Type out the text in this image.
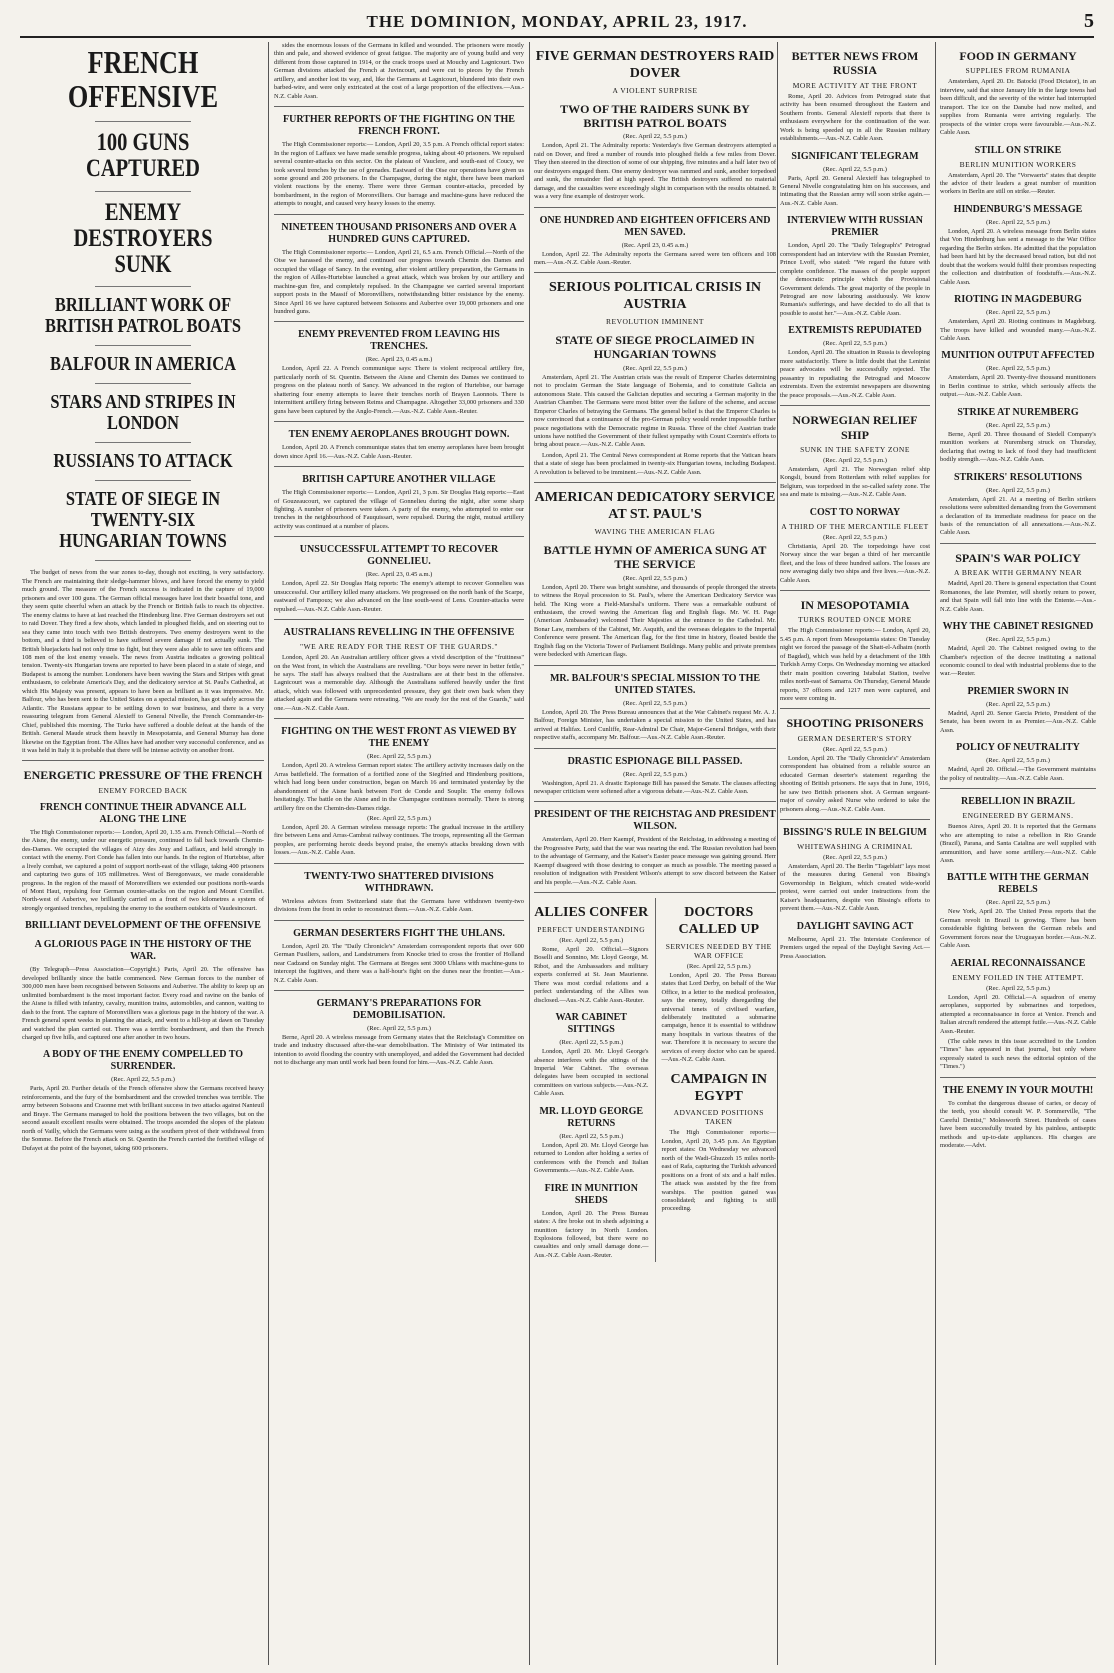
THE DOMINION, MONDAY, APRIL 23, 1917.	5
FRENCH OFFENSIVE
100 GUNS CAPTURED
ENEMY DESTROYERS SUNK
BRILLIANT WORK OF BRITISH PATROL BOATS
BALFOUR IN AMERICA
STARS AND STRIPES IN LONDON
RUSSIANS TO ATTACK
STATE OF SIEGE IN TWENTY-SIX HUNGARIAN TOWNS

The budget of news from the war zones to-day, though not exciting, is very satisfactory. The French are maintaining their sledge-hammer blows, and have forced the enemy to yield much ground. The measure of the French success is indicated in the capture of 19,000 prisoners and over 100 guns. The German official messages have lost their boastful tone, and they seem quite cheerful when an attack by the French or British fails to reach its objective. The enemy claims to have at last reached the Hindenburg line. Five German destroyers set out to raid Dover. They fired a few shots, which landed in ploughed fields, and on steering out to sea they came into touch with two British destroyers. Two enemy destroyers went to the bottom, and a third is believed to have suffered severe damage if not actually sunk. The British bluejackets had not only time to fight, but they were also able to save ten officers and 108 men of the lost enemy vessels. The news from Austria indicates a growing political tension. Twenty-six Hungarian towns are reported to have been placed in a state of siege, and Budapest is among the number. Londoners have been waving the Stars and Stripes with great enthusiasm, to celebrate America's Day, and the dedicatory service at St. Paul's Cathedral, at which His Majesty was present, appears to have been as brilliant as it was impressive. Mr. Balfour, who has been sent to the United States on a special mission, has got safely across the Atlantic. The Russians appear to be settling down to war business, and there is a very reassuring telegram from General Alexieff to General Nivelle, the French Commander-in-Chief, published this morning. The Turks have suffered a double defeat at the hands of the British. General Maude struck them heavily in Mesopotamia, and General Murray has done likewise on the Egyptian front. The Allies have had another very successful conference, and as it was held in Italy it is probable that there will be intense activity on another front.

ENERGETIC PRESSURE OF THE FRENCH
ENEMY FORCED BACK
FRENCH CONTINUE THEIR ADVANCE ALL ALONG THE LINE

The High Commissioner reports:— London, April 20, 1.35 a.m. French Official.—North of the Aisne, the enemy, under our energetic pressure, continued to fall back towards Chemin-des-Dames. We occupied the villages of Aizy des Jouy and Laffaux, and held strongly in contact with the enemy. Fort Conde has fallen into our hands. In the region of Hurtebise, after a lively combat, we captured a point of support north-east of the village, taking 400 prisoners and capturing two guns of 105 millimetres. West of Beregonvaux, we made considerable progress. In the region of the massif of Moronvilliers we extended our positions north-wards of Mont Haut, repulsing four German counter-attacks on the region and Mount Cornillet. North-west of Auberive, we brilliantly carried on a front of two kilometres a system of strongly organised trenches, repulsing the enemy to the southern outskirts of Vaudesincourt.

BRILLIANT DEVELOPMENT OF THE OFFENSIVE
A GLORIOUS PAGE IN THE HISTORY OF THE WAR.

(By Telegraph—Press Association—Copyright.) Paris, April 20. The offensive has developed brilliantly since the battle commenced. New German forces to the number of 300,000 men have been recognised between Soissons and Auberive. The ability to keep up an unlimited bombardment is the most important factor. Every road and ravine on the banks of the Aisne is filled with infantry, cavalry, munition trains, automobiles, and cannon, waiting to dash to the front. The capture of Moronvilliers was a glorious page in the history of the war. A French general spent weeks in planning the attack, and went to a hill-top at dawn on Tuesday and watched the plan carried out. There was a terrific bombardment, and then the French charged up five hills, and captured one after another in two hours.

A BODY OF THE ENEMY COMPELLED TO SURRENDER.
(Rec. April 22, 5.5 p.m.)

Paris, April 20. Further details of the French offensive show the Germans received heavy reinforcements, and the fury of the bombardment and the crowded trenches was terrible. The army between Soissons and Craonne met with brilliant success in two attacks against Nanteuil and Braye. The Germans managed to hold the positions between the two villages, but on the second assault excellent results were obtained. The troops ascended the slopes of the plateau north of Vailly, which the Germans were using as the southern pivot of their withdrawal from the Somme. Before the French attack on St. Quentin the French carried the fortified village of Dufayet at the point of the bayonet, taking 600 prisoners.

sides the enormous losses of the Germans in killed and wounded. The prisoners were mostly thin and pale, and showed evidence of great fatigue. The majority are of young build and very different from those captured in 1914, or the crack troops used at Mouchy and Lagnicourt. Two German divisions attacked the French at Juvincourt, and were cut to pieces by the French artillery, and another lost its way, and, like the Germans at Lagnicourt, blundered into their own barbed-wire, and were only extricated at the cost of a large proportion of the effectives.—Aus.-N.Z. Cable Assn.

FURTHER REPORTS OF THE FIGHTING ON THE FRENCH FRONT.

The High Commissioner reports:— London, April 20, 3.5 p.m. A French official report states: In the region of Laffaux we have made sensible progress, taking about 40 prisoners. We repulsed several counter-attacks on this sector. On the plateau of Vauclere, and south-east of Coucy, we took several trenches by the use of grenades. Eastward of the Oise our operations have given us some ground and 200 prisoners. In the Champagne, during the night, there have been marked violent reactions by the enemy. There were three German counter-attacks, preceded by bombardment, in the region of Moronvilliers. Our barrage and machine-guns have reduced the attempts to nought, and caused very heavy losses to the enemy.

NINETEEN THOUSAND PRISONERS AND OVER A HUNDRED GUNS CAPTURED.

The High Commissioner reports:— London, April 21, 6.5 a.m. French Official.—North of the Oise we harassed the enemy, and continued our progress towards Chemin des Dames and occupied the village of Sancy. In the evening, after violent artillery preparation, the Germans in the region of Ailles-Hurtebise launched a great attack, which was broken by our artillery and machine-gun fire, and completely repulsed. In the Champagne we carried several important support posts in the Massif of Moronvilliers, notwithstanding bitter resistance by the enemy. Since April 16 we have captured between Soissons and Auberive over 19,000 prisoners and one hundred guns.

ENEMY PREVENTED FROM LEAVING HIS TRENCHES.
(Rec. April 23, 0.45 a.m.)

London, April 22. A French communique says: There is violent reciprocal artillery fire, particularly north of St. Quentin. Between the Aisne and Chemin des Dames we continued to progress on the plateau north of Sancy. We advanced in the region of Hurtebise, our barrage shattering four enemy attempts to leave their trenches north of Brayen Laonnois. There is intermittent artillery firing between Reims and Champagne. Altogether 33,000 prisoners and 330 guns have been captured by the Anglo-French.—Aus.-N.Z. Cable Assn.-Reuter.

TEN ENEMY AEROPLANES BROUGHT DOWN.

London, April 20. A French communique states that ten enemy aeroplanes have been brought down since April 16.—Aus.-N.Z. Cable Assn.-Reuter.

BRITISH CAPTURE ANOTHER VILLAGE

The High Commissioner reports:— London, April 21, 3 p.m. Sir Douglas Haig reports:—East of Gouzeaucourt, we captured the village of Gonnelieu during the night, after some sharp fighting. A number of prisoners were taken. A party of the enemy, who attempted to enter our trenches in the neighbourhood of Fauquissart, were repulsed. During the night, mutual artillery activity was continued at a number of places.

UNSUCCESSFUL ATTEMPT TO RECOVER GONNELIEU.
(Rec. April 23, 0.45 a.m.)

London, April 22. Sir Douglas Haig reports: The enemy's attempt to recover Gonnelieu was unsuccessful. Our artillery killed many attackers. We progressed on the north bank of the Scarpe, eastward of Fampoux; we also advanced on the line south-west of Lens. Counter-attacks were repulsed.—Aus.-N.Z. Cable Assn.-Reuter.

AUSTRALIANS REVELLING IN THE OFFENSIVE
"WE ARE READY FOR THE REST OF THE GUARDS."

London, April 20. An Australian artillery officer gives a vivid description of the "fruitiness" on the West front, in which the Australians are revelling. "Our boys were never in better fettle," he says. The staff has always realised that the Australians are at their best in the offensive. Lagnicourt was a memorable day. Although the Australians suffered heavily under the first attack, which was followed with unprecedented pressure, they got their own back when they attacked again and the Germans were retreating. "We are ready for the rest of the Guards," said one.—Aus.-N.Z. Cable Assn.

FIGHTING ON THE WEST FRONT AS VIEWED BY THE ENEMY
(Rec. April 22, 5.5 p.m.)

London, April 20. A wireless German report states: The artillery activity increases daily on the Arras battlefield. The formation of a fortified zone of the Siegfried and Hindenburg positions, which had long been under construction, began on March 16 and terminated yesterday by the abandonment of the Aisne bank between Fort de Conde and Souplir. The enemy follows hesitatingly. The battle on the Aisne and in the Champagne continues normally. There is strong artillery fire on the Chemin-des-Dames ridge.

(Rec. April 22, 5.5 p.m.)

London, April 20. A German wireless message reports: The gradual increase in the artillery fire between Lens and Arras-Cambrai railway continues. The troops, representing all the German peoples, are performing heroic deeds beyond praise, the enemy's attacks breaking down with losses.—Aus.-N.Z. Cable Assn.

TWENTY-TWO SHATTERED DIVISIONS WITHDRAWN.

Wireless advices from Switzerland state that the Germans have withdrawn twenty-two divisions from the front in order to reconstruct them.—Aus.-N.Z. Cable Assn.

GERMAN DESERTERS FIGHT THE UHLANS.

London, April 20. The "Daily Chronicle's" Amsterdam correspondent reports that over 600 German Fusiliers, sailors, and Landstrumers from Knocke tried to cross the frontier of Holland near Cadzand on Sunday night. The Germans at Breges sent 3000 Uhlans with machine-guns to intercept the fugitives, and there was a half-hour's fight on the dunes near the frontier.—Aus.-N.Z. Cable Assn.

GERMANY'S PREPARATIONS FOR DEMOBILISATION.
(Rec. April 22, 5.5 p.m.)

Berne, April 20. A wireless message from Germany states that the Reichstag's Committee on trade and industry discussed after-the-war demobilisation. The Ministry of War intimated its intention to avoid flooding the country with unemployed, and added the Government had decided not to discharge any man until work had been found for him.—Aus.-N.Z. Cable Assn.

FIVE GERMAN DESTROYERS RAID DOVER
A VIOLENT SURPRISE
TWO OF THE RAIDERS SUNK BY BRITISH PATROL BOATS
(Rec. April 22, 5.5 p.m.)

London, April 21. The Admiralty reports: Yesterday's five German destroyers attempted a raid on Dover, and fired a number of rounds into ploughed fields a few miles from Dover. They then steered in the direction of some of our shipping, five minutes and a half later two of our destroyers engaged them. One enemy destroyer was rammed and sunk, another torpedoed and sunk, the remainder fled at high speed. The British destroyers suffered no material damage, and the casualties were exceedingly slight in comparison with the results obtained. It was a very fine example of destroyer work.

ONE HUNDRED AND EIGHTEEN OFFICERS AND MEN SAVED.
(Rec. April 23, 0.45 a.m.)

London, April 22. The Admiralty reports the Germans saved were ten officers and 108 men.—Aus.-N.Z. Cable Assn.-Reuter.

SERIOUS POLITICAL CRISIS IN AUSTRIA
REVOLUTION IMMINENT
STATE OF SIEGE PROCLAIMED IN HUNGARIAN TOWNS
(Rec. April 22, 5.5 p.m.)

Amsterdam, April 21. The Austrian crisis was the result of Emperor Charles determining not to proclaim German the State language of Bohemia, and to constitute Galicia an autonomous State. This caused the Galician deputies and securing a German majority in the Austrian Chamber. The Germans were most bitter over the failure of the scheme, and accuse Emperor Charles of betraying the Germans. The general belief is that the Emperor Charles is now convinced that a continuance of the pro-German policy would render impossible further peace negotiations with the Democratic regime in Russia. Three of the chief Austrian trade unions have notified the Government of their fullest sympathy with Count Czernin's efforts to bring about peace.—Aus.-N.Z. Cable Assn.

London, April 21. The Central News correspondent at Rome reports that the Vatican hears that a state of siege has been proclaimed in twenty-six Hungarian towns, including Budapest. A revolution is believed to be imminent.—Aus.-N.Z. Cable Assn.

AMERICAN DEDICATORY SERVICE AT ST. PAUL'S
WAVING THE AMERICAN FLAG
BATTLE HYMN OF AMERICA SUNG AT THE SERVICE
(Rec. April 22, 5.5 p.m.)

London, April 20. There was bright sunshine, and thousands of people thronged the streets to witness the Royal procession to St. Paul's, where the American Dedicatory Service was held. The King wore a Field-Marshal's uniform. There was a remarkable outburst of enthusiasm, the crowd waving the American flag and English flags. Mr. W. H. Page (American Ambassador) welcomed Their Majesties at the entrance to the Cathedral. Mr. Bonar Law, members of the Cabinet, Mr. Asquith, and the overseas delegates to the Imperial Conference were present. The American flag, for the first time in history, floated beside the English flag on the Victoria Tower of Parliament Buildings. Many public and private premises were bedecked with American flags.

MR. BALFOUR'S SPECIAL MISSION TO THE UNITED STATES.
(Rec. April 22, 5.5 p.m.)

London, April 20. The Press Bureau announces that at the War Cabinet's request Mr. A. J. Balfour, Foreign Minister, has undertaken a special mission to the United States, and has arrived at Halifax. Lord Cunliffe, Rear-Admiral De Chair, Major-General Bridges, with their respective staffs, accompany Mr. Balfour.—Aus.-N.Z. Cable Assn.-Reuter.

DRASTIC ESPIONAGE BILL PASSED.
(Rec. April 22, 5.5 p.m.)

Washington, April 21. A drastic Espionage Bill has passed the Senate. The clauses affecting newspaper criticism were softened after a vigorous debate.—Aus.-N.Z. Cable Assn.

PRESIDENT OF THE REICHSTAG AND PRESIDENT WILSON.

Amsterdam, April 20. Herr Kaempf, President of the Reichstag, in addressing a meeting of the Progressive Party, said that the war was nearing the end. The Russian revolution had been to the advantage of Germany, and the Kaiser's Easter peace message was gaining ground. Herr Kaempf disagreed with those desiring to conquer as much as possible. The meeting passed a resolution of indignation with President Wilson's attempt to sow discord between the Kaiser and his people.—Aus.-N.Z. Cable Assn.

ALLIES CONFER
PERFECT UNDERSTANDING
(Rec. April 22, 5.5 p.m.)

Rome, April 20. Official.—Signors Boselli and Sonnino, Mr. Lloyd George, M. Ribot, and the Ambassadors and military experts conferred at St. Jean Maurienne. There was most cordial relations and a perfect understanding of the Allies was disclosed.—Aus.-N.Z. Cable Assn.-Reuter.

WAR CABINET SITTINGS
(Rec. April 22, 5.5 p.m.)

London, April 20. Mr. Lloyd George's absence interferes with the sittings of the Imperial War Cabinet. The overseas delegates have been occupied in sectional committees on various subjects.—Aus.-N.Z. Cable Assn.

MR. LLOYD GEORGE RETURNS
(Rec. April 22, 5.5 p.m.)

London, April 20. Mr. Lloyd George has returned to London after holding a series of conferences with the French and Italian Governments.—Aus.-N.Z. Cable Assn.

FIRE IN MUNITION SHEDS

London, April 20. The Press Bureau states: A fire broke out in sheds adjoining a munition factory in North London. Explosions followed, but there were no casualties and only small damage done.—Aus.-N.Z. Cable Assn.-Reuter.

DOCTORS CALLED UP
SERVICES NEEDED BY THE WAR OFFICE
(Rec. April 22, 5.5 p.m.)

London, April 20. The Press Bureau states that Lord Derby, on behalf of the War Office, in a letter to the medical profession, says the enemy, totally disregarding the universal tenets of civilised warfare, deliberately instituted a submarine campaign, hence it is essential to withdraw many hospitals in various theatres of the war. Therefore it is necessary to secure the services of every doctor who can be spared.—Aus.-N.Z. Cable Assn.

CAMPAIGN IN EGYPT
ADVANCED POSITIONS TAKEN

The High Commissioner reports:— London, April 20, 3.45 p.m. An Egyptian report states: On Wednesday we advanced north of the Wadi-Ghuzzeh 15 miles north-east of Rafa, capturing the Turkish advanced positions on a front of six and a half miles. The attack was assisted by the fire from warships. The position gained was consolidated; and fighting is still proceeding.

BETTER NEWS FROM RUSSIA
MORE ACTIVITY AT THE FRONT

Rome, April 20. Advices from Petrograd state that activity has been resumed throughout the Eastern and Southern fronts. General Alexieff reports that there is enthusiasm everywhere for the continuation of the war. Work is being speeded up in all the Russian military establishments.—Aus.-N.Z. Cable Assn.

SIGNIFICANT TELEGRAM
(Rec. April 22, 5.5 p.m.)

Paris, April 20. General Alexieff has telegraphed to General Nivelle congratulating him on his successes, and intimating that the Russian army will soon strike again.—Aus.-N.Z. Cable Assn.

INTERVIEW WITH RUSSIAN PREMIER

London, April 20. The "Daily Telegraph's" Petrograd correspondent had an interview with the Russian Premier, Prince Lvoff, who stated: "We regard the future with complete confidence. The masses of the people support the democratic principle which the Provisional Government defends. The great majority of the people in Petrograd are now labouring assiduously. We know Rumania's sufferings, and have decided to do all that is possible to assist her."—Aus.-N.Z. Cable Assn.

EXTREMISTS REPUDIATED
(Rec. April 22, 5.5 p.m.)

London, April 20. The situation in Russia is developing more satisfactorily. There is little doubt that the Leninist peace advocates will be successfully rejected. The peasantry in repudiating the Petrograd and Moscow extremists. Even the extremist newspapers are disowning the peace proposals.—Aus.-N.Z. Cable Assn.

NORWEGIAN RELIEF SHIP
SUNK IN THE SAFETY ZONE
(Rec. April 22, 5.5 p.m.)

Amsterdam, April 21. The Norwegian relief ship Kongsli, bound from Rotterdam with relief supplies for Belgium, was torpedoed in the so-called safety zone. The sea and mate is missing.—Aus.-N.Z. Cable Assn.

COST TO NORWAY
A THIRD OF THE MERCANTILE FLEET
(Rec. April 22, 5.5 p.m.)

Christiania, April 20. The torpedoings have cost Norway since the war began a third of her mercantile fleet, and the loss of three hundred sailors. The losses are now averaging daily two ships and five lives.—Aus.-N.Z. Cable Assn.

IN MESOPOTAMIA
TURKS ROUTED ONCE MORE

The High Commissioner reports:— London, April 20, 5.45 p.m. A report from Mesopotamia states: On Tuesday night we forced the passage of the Shatt-el-Adhaim (north of Bagdad), which was held by a detachment of the 18th Turkish Army Corps. On Wednesday morning we attacked their main position covering Istabulat Station, twelve miles north-east of Samarra. On Thursday, General Maude reports, 37 officers and 1217 men were captured, and more were coming in.

SHOOTING PRISONERS
GERMAN DESERTER'S STORY
(Rec. April 22, 5.5 p.m.)

London, April 20. The "Daily Chronicle's" Amsterdam correspondent has obtained from a reliable source an educated German deserter's statement regarding the shooting of British prisoners. He says that in June, 1916, he saw two British prisoners shot. A German sergeant-major of cavalry asked Nurse who ordered to take the prisoners along.—Aus.-N.Z. Cable Assn.

BISSING'S RULE IN BELGIUM
WHITEWASHING A CRIMINAL
(Rec. April 22, 5.5 p.m.)

Amsterdam, April 20. The Berlin "Tageblatt" lays most of the measures during General von Bissing's Governorship in Belgium, which created wide-world protest, were carried out under instructions from the Kaiser's headquarters, despite von Bissing's efforts to prevent them.—Aus.-N.Z. Cable Assn.

DAYLIGHT SAVING ACT

Melbourne, April 21. The Interstate Conference of Premiers urged the repeal of the Daylight Saving Act.—Press Association.

FOOD IN GERMANY
SUPPLIES FROM RUMANIA

Amsterdam, April 20. Dr. Batocki (Food Dictator), in an interview, said that since January life in the large towns had been difficult, and the severity of the winter had interrupted transport. The ice on the Danube had now melted, and supplies from Rumania were arriving regularly. The prospects of the winter crops were favourable.—Aus.-N.Z. Cable Assn.

STILL ON STRIKE
BERLIN MUNITION WORKERS

Amsterdam, April 20. The "Vorwaerts" states that despite the advice of their leaders a great number of munition workers in Berlin are still on strike.—Reuter.

HINDENBURG'S MESSAGE
(Rec. April 22, 5.5 p.m.)

London, April 20. A wireless message from Berlin states that Von Hindenburg has sent a message to the War Office regarding the Berlin strikes. He admitted that the population had been hard hit by the decreased bread ration, but did not doubt that the workers would fulfil their promises respecting the collection and distribution of foodstuffs.—Aus.-N.Z. Cable Assn.

RIOTING IN MAGDEBURG
(Rec. April 22, 5.5 p.m.)

Amsterdam, April 20. Rioting continues in Magdeburg. The troops have killed and wounded many.—Aus.-N.Z. Cable Assn.

MUNITION OUTPUT AFFECTED
(Rec. April 22, 5.5 p.m.)

Amsterdam, April 20. Twenty-five thousand munitioners in Berlin continue to strike, which seriously affects the output.—Aus.-N.Z. Cable Assn.

STRIKE AT NUREMBERG
(Rec. April 22, 5.5 p.m.)

Berne, April 20. Three thousand of Siedell Company's munition workers at Nuremberg struck on Thursday, declaring that owing to lack of food they had insufficient bodily strength.—Aus.-N.Z. Cable Assn.

STRIKERS' RESOLUTIONS
(Rec. April 22, 5.5 p.m.)

Amsterdam, April 21. At a meeting of Berlin strikers resolutions were submitted demanding from the Government a declaration of its immediate readiness for peace on the basis of the renunciation of all annexations.—Aus.-N.Z. Cable Assn.

SPAIN'S WAR POLICY
A BREAK WITH GERMANY NEAR

Madrid, April 20. There is general expectation that Count Romanones, the late Premier, will shortly return to power, and that Spain will fall into line with the Entente.—Aus.-N.Z. Cable Assn.

WHY THE CABINET RESIGNED
(Rec. April 22, 5.5 p.m.)

Madrid, April 20. The Cabinet resigned owing to the Chamber's rejection of the decree instituting a national economic council to deal with industrial problems due to the war.—Reuter.

PREMIER SWORN IN
(Rec. April 22, 5.5 p.m.)

Madrid, April 20. Senor Garcia Prieto, President of the Senate, has been sworn in as Premier.—Aus.-N.Z. Cable Assn.

POLICY OF NEUTRALITY
(Rec. April 22, 5.5 p.m.)

Madrid, April 20. Official.—The Government maintains the policy of neutrality.—Aus.-N.Z. Cable Assn.

REBELLION IN BRAZIL
ENGINEERED BY GERMANS.

Buenos Aires, April 20. It is reported that the Germans who are attempting to raise a rebellion in Rio Grande (Brazil), Parana, and Santa Catalina are well supplied with ammunition, and have some artillery.—Aus.-N.Z. Cable Assn.

BATTLE WITH THE GERMAN REBELS
(Rec. April 22, 5.5 p.m.)

New York, April 20. The United Press reports that the German revolt in Brazil is growing. There has been considerable fighting between the German rebels and Government forces near the Uruguayan border.—Aus.-N.Z. Cable Assn.

AERIAL RECONNAISSANCE
ENEMY FOILED IN THE ATTEMPT.
(Rec. April 22, 5.5 p.m.)

London, April 20. Official.—A squadron of enemy aeroplanes, supported by submarines and torpedoes, attempted a reconnaissance in force at Venice. French and Italian aircraft rendered the attempt futile.—Aus.-N.Z. Cable Assn.-Reuter.

(The cable news in this issue accredited to the London "Times" has appeared in that journal, but only where expressly stated is such news the editorial opinion of the "Times.")

THE ENEMY IN YOUR MOUTH!

To combat the dangerous disease of caries, or decay of the teeth, you should consult W. P. Sommerville, "The Careful Dentist," Molesworth Street. Hundreds of cases have been successfully treated by his painless, antiseptic methods and up-to-date appliances. His charges are moderate.—Advt.
